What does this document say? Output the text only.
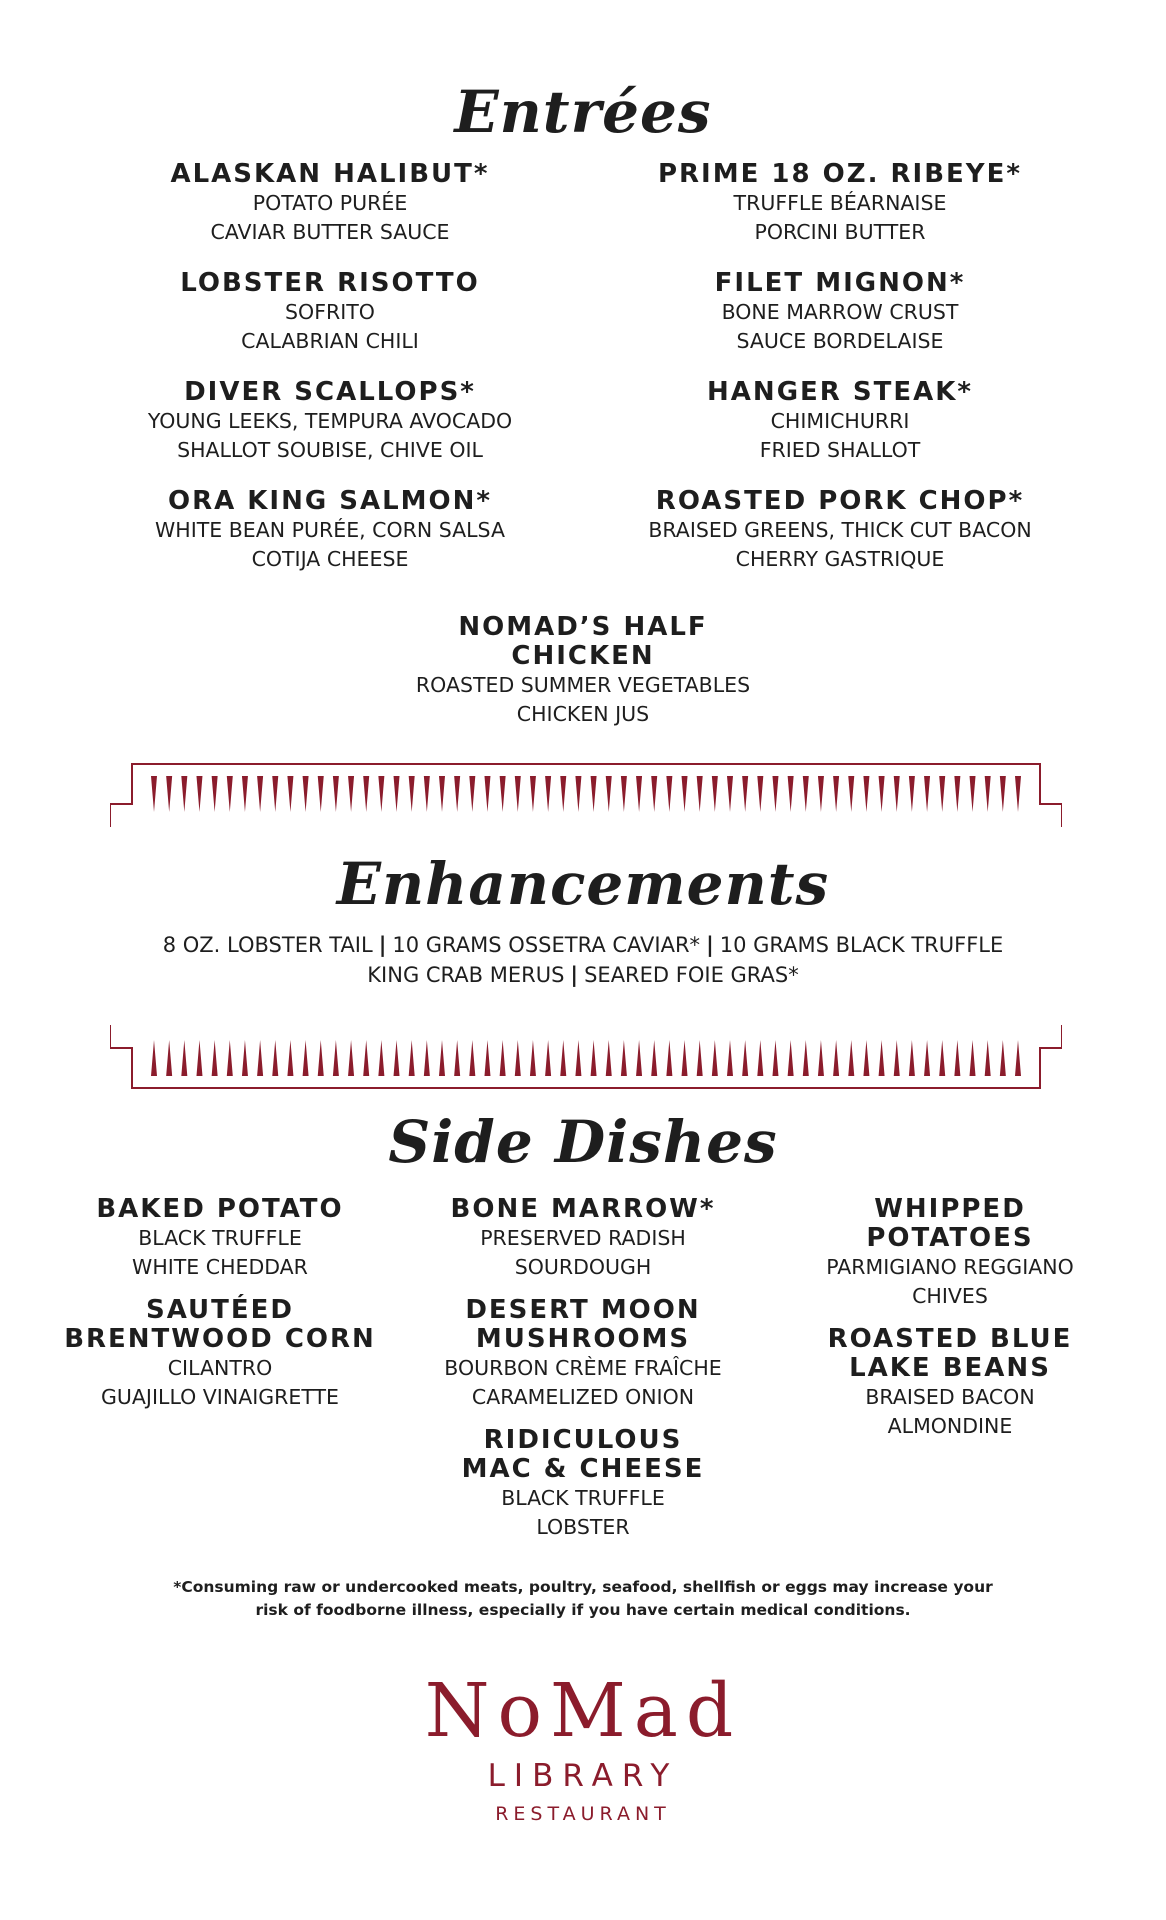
Entrées
ALASKAN HALIBUT*
POTATO PURÉE
CAVIAR BUTTER SAUCE
LOBSTER RISOTTO
SOFRITO
CALABRIAN CHILI
DIVER SCALLOPS*
YOUNG LEEKS, TEMPURA AVOCADO
SHALLOT SOUBISE, CHIVE OIL
ORA KING SALMON*
WHITE BEAN PURÉE, CORN SALSA
COTIJA CHEESE
PRIME 18 OZ. RIBEYE*
TRUFFLE BÉARNAISE
PORCINI BUTTER
FILET MIGNON*
BONE MARROW CRUST
SAUCE BORDELAISE
HANGER STEAK*
CHIMICHURRI
FRIED SHALLOT
ROASTED PORK CHOP*
BRAISED GREENS, THICK CUT BACON
CHERRY GASTRIQUE
NOMAD’S HALF
CHICKEN
ROASTED SUMMER VEGETABLES
CHICKEN JUS
Enhancements
8 OZ. LOBSTER TAIL | 10 GRAMS OSSETRA CAVIAR* | 10 GRAMS BLACK TRUFFLE
KING CRAB MERUS | SEARED FOIE GRAS*
Side Dishes
BAKED POTATO
BLACK TRUFFLE
WHITE CHEDDAR
SAUTÉED
BRENTWOOD CORN
CILANTRO
GUAJILLO VINAIGRETTE
BONE MARROW*
PRESERVED RADISH
SOURDOUGH
DESERT MOON
MUSHROOMS
BOURBON CRÈME FRAÎCHE
CARAMELIZED ONION
RIDICULOUS
MAC & CHEESE
BLACK TRUFFLE
LOBSTER
WHIPPED
POTATOES
PARMIGIANO REGGIANO
CHIVES
ROASTED BLUE
LAKE BEANS
BRAISED BACON
ALMONDINE
*Consuming raw or undercooked meats, poultry, seafood, shellfish or eggs may increase your
risk of foodborne illness, especially if you have certain medical conditions.
NoMad
LIBRARY
RESTAURANT
